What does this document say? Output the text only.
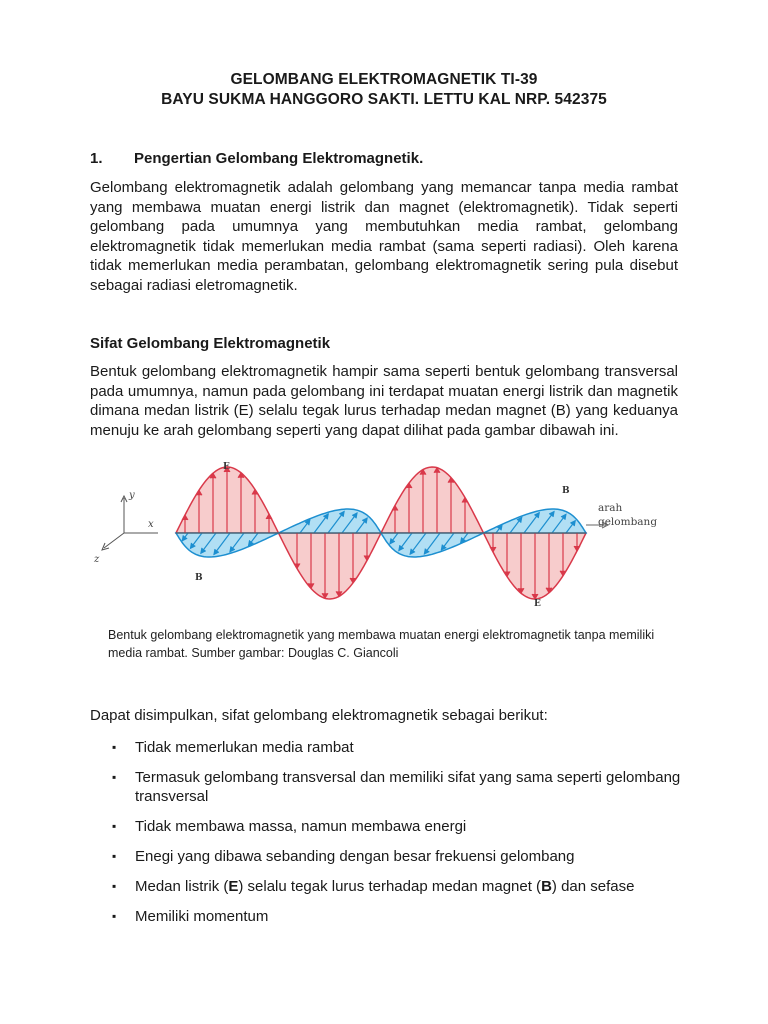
GELOMBANG ELEKTROMAGNETIK TI-39
BAYU SUKMA HANGGORO SAKTI. LETTU KAL NRP. 542375
1. Pengertian Gelombang Elektromagnetik.
Gelombang elektromagnetik adalah gelombang yang memancar tanpa media rambat
yang membawa muatan energi listrik dan magnet (elektromagnetik). Tidak seperti
gelombang pada umumnya yang membutuhkan media rambat, gelombang
elektromagnetik tidak memerlukan media rambat (sama seperti radiasi). Oleh karena
tidak memerlukan media perambatan, gelombang elektromagnetik sering pula disebut
sebagai radiasi eletromagnetik.
Sifat Gelombang Elektromagnetik
Bentuk gelombang elektromagnetik hampir sama seperti bentuk gelombang transversal
pada umumnya, namun pada gelombang ini terdapat muatan energi listrik dan magnetik
dimana medan listrik (E) selalu tegak lurus terhadap medan magnet (B) yang keduanya
menuju ke arah gelombang seperti yang dapat dilihat pada gambar dibawah ini.
y
x
z
E
E
B
B
arah
gelombang
Bentuk gelombang elektromagnetik yang membawa muatan energi elektromagnetik tanpa memiliki
media rambat. Sumber gambar: Douglas C. Giancoli
Dapat disimpulkan, sifat gelombang elektromagnetik sebagai berikut:
▪ Tidak memerlukan media rambat
▪ Termasuk gelombang transversal dan memiliki sifat yang sama seperti gelombang
transversal
▪ Tidak membawa massa, namun membawa energi
▪ Enegi yang dibawa sebanding dengan besar frekuensi gelombang
▪ Medan listrik (E) selalu tegak lurus terhadap medan magnet (B) dan sefase
▪ Memiliki momentum
